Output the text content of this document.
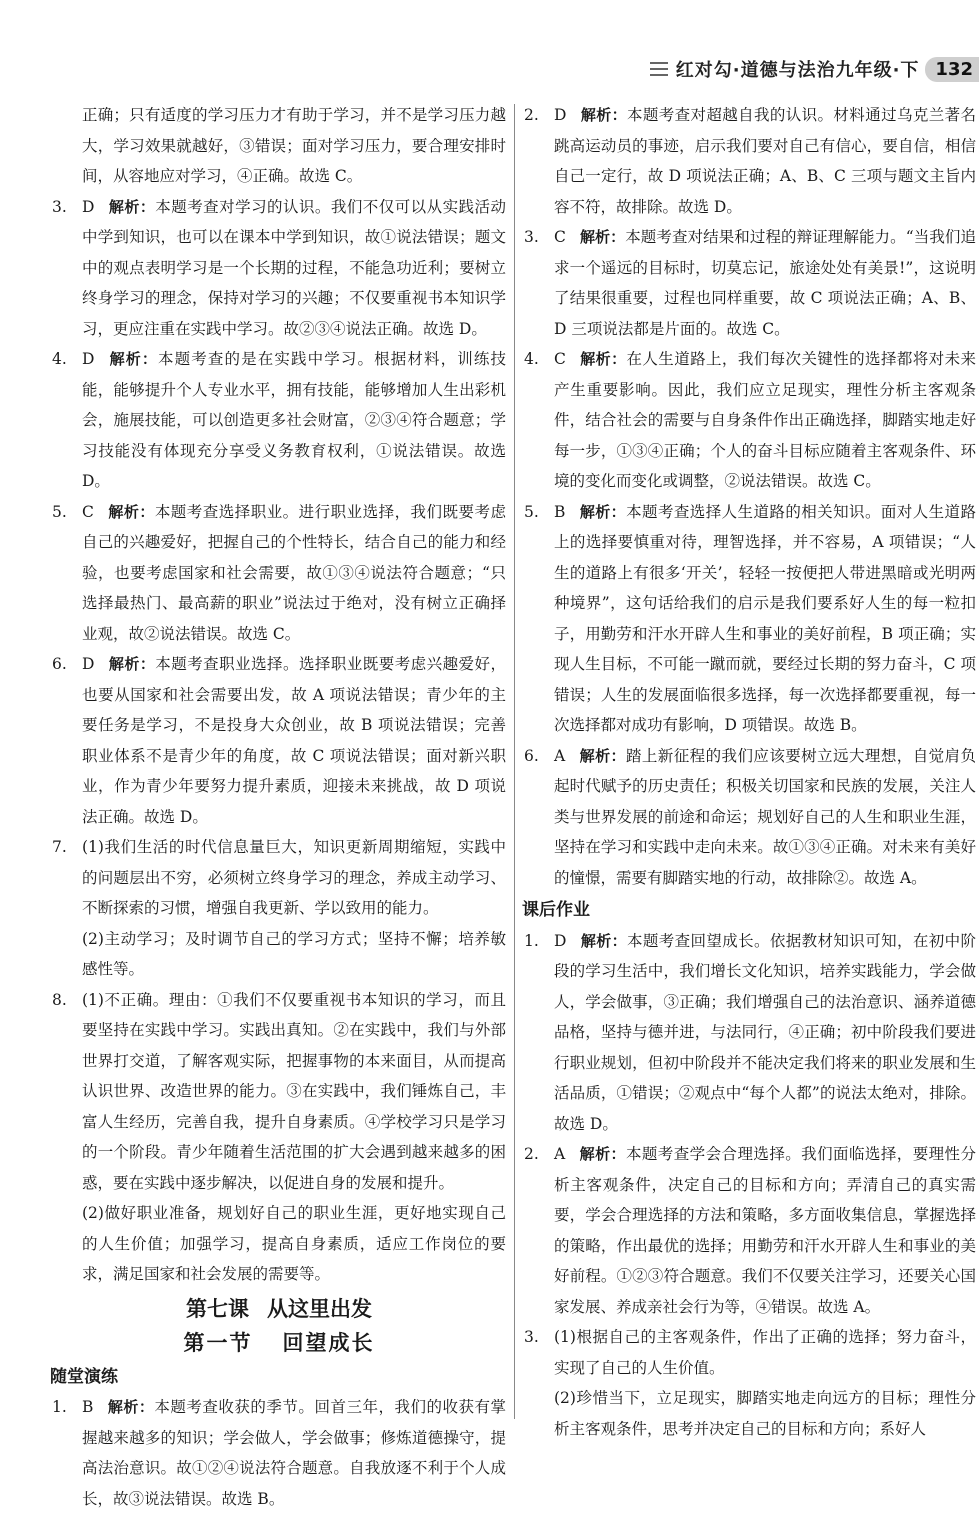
红对勾 ·道德与法治九年级·下 132
正确；只有适度的学习压力才有助于学习，并不是学习压力越大，学习效果就越好，③错误；面对学习压力，要合理安排时间，从容地应对学习，④正确。故选 C。
3. D 解析：本题考查对学习的认识。我们不仅可以从实践活动中学到知识，也可以在课本中学到知识，故①说法错误；题文中的观点表明学习是一个长期的过程，不能急功近利；要树立终身学习的理念，保持对学习的兴趣；不仅要重视书本知识学习，更应注重在实践中学习。故②③④说法正确。故选 D。
4. D 解析：本题考查的是在实践中学习。根据材料，训练技能，能够提升个人专业水平，拥有技能，能够增加人生出彩机会，施展技能，可以创造更多社会财富，②③④符合题意；学习技能没有体现充分享受义务教育权利，①说法错误。故选 D。
5. C 解析：本题考查选择职业。进行职业选择，我们既要考虑自己的兴趣爱好，把握自己的个性特长，结合自己的能力和经验，也要考虑国家和社会需要，故①③④说法符合题意；“只选择最热门、最高薪的职业”说法过于绝对，没有树立正确择业观，故②说法错误。故选 C。
6. D 解析：本题考查职业选择。选择职业既要考虑兴趣爱好，也要从国家和社会需要出发，故 A 项说法错误；青少年的主要任务是学习，不是投身大众创业，故 B 项说法错误；完善职业体系不是青少年的角度，故 C 项说法错误；面对新兴职业，作为青少年要努力提升素质，迎接未来挑战，故 D 项说法正确。故选 D。
7. (1)我们生活的时代信息量巨大，知识更新周期缩短，实践中的问题层出不穷，必须树立终身学习的理念，养成主动学习、不断探索的习惯，增强自我更新、学以致用的能力。
(2)主动学习；及时调节自己的学习方式；坚持不懈；培养敏感性等。
8. (1)不正确。理由：①我们不仅要重视书本知识的学习，而且要坚持在实践中学习。实践出真知。②在实践中，我们与外部世界打交道，了解客观实际，把握事物的本来面目，从而提高认识世界、改造世界的能力。③在实践中，我们锤炼自己，丰富人生经历，完善自我，提升自身素质。④学校学习只是学习的一个阶段。青少年随着生活范围的扩大会遇到越来越多的困惑，要在实践中逐步解决，以促进自身的发展和提升。
(2)做好职业准备，规划好自己的职业生涯，更好地实现自己的人生价值；加强学习，提高自身素质，适应工作岗位的要求，满足国家和社会发展的需要等。
第七课 从这里出发
第一节 回望成长
随堂演练
1. B 解析：本题考查收获的季节。回首三年，我们的收获有掌握越来越多的知识；学会做人，学会做事；修炼道德操守，提高法治意识。故①②④说法符合题意。自我放逐不利于个人成长，故③说法错误。故选 B。
2. D 解析：本题考查对超越自我的认识。材料通过乌克兰著名跳高运动员的事迹，启示我们要对自己有信心，要自信，相信自己一定行，故 D 项说法正确；A、B、C 三项与题文主旨内容不符，故排除。故选 D。
3. C 解析：本题考查对结果和过程的辩证理解能力。“当我们追求一个遥远的目标时，切莫忘记，旅途处处有美景!”，这说明了结果很重要，过程也同样重要，故 C 项说法正确；A、B、D 三项说法都是片面的。故选 C。
4. C 解析：在人生道路上，我们每次关键性的选择都将对未来产生重要影响。因此，我们应立足现实，理性分析主客观条件，结合社会的需要与自身条件作出正确选择，脚踏实地走好每一步，①③④正确；个人的奋斗目标应随着主客观条件、环境的变化而变化或调整，②说法错误。故选 C。
5. B 解析：本题考查选择人生道路的相关知识。面对人生道路上的选择要慎重对待，理智选择，并不容易，A 项错误；“人生的道路上有很多‘开关’，轻轻一按便把人带进黑暗或光明两种境界”，这句话给我们的启示是我们要系好人生的每一粒扣子，用勤劳和汗水开辟人生和事业的美好前程，B 项正确；实现人生目标，不可能一蹴而就，要经过长期的努力奋斗，C 项错误；人生的发展面临很多选择，每一次选择都要重视，每一次选择都对成功有影响，D 项错误。故选 B。
6. A 解析：踏上新征程的我们应该要树立远大理想，自觉肩负起时代赋予的历史责任；积极关切国家和民族的发展，关注人类与世界发展的前途和命运；规划好自己的人生和职业生涯，坚持在学习和实践中走向未来。故①③④正确。对未来有美好的憧憬，需要有脚踏实地的行动，故排除②。故选 A。
课后作业
1. D 解析：本题考查回望成长。依据教材知识可知，在初中阶段的学习生活中，我们增长文化知识，培养实践能力，学会做人，学会做事，③正确；我们增强自己的法治意识、涵养道德品格，坚持与德并进，与法同行，④正确；初中阶段我们要进行职业规划，但初中阶段并不能决定我们将来的职业发展和生活品质，①错误；②观点中“每个人都”的说法太绝对，排除。故选 D。
2. A 解析：本题考查学会合理选择。我们面临选择，要理性分析主客观条件，决定自己的目标和方向；弄清自己的真实需要，学会合理选择的方法和策略，多方面收集信息，掌握选择的策略，作出最优的选择；用勤劳和汗水开辟人生和事业的美好前程。①②③符合题意。我们不仅要关注学习，还要关心国家发展、养成亲社会行为等，④错误。故选 A。
3. (1)根据自己的主客观条件，作出了正确的选择；努力奋斗，实现了自己的人生价值。
(2)珍惜当下，立足现实，脚踏实地走向远方的目标；理性分析主客观条件，思考并决定自己的目标和方向；系好人
